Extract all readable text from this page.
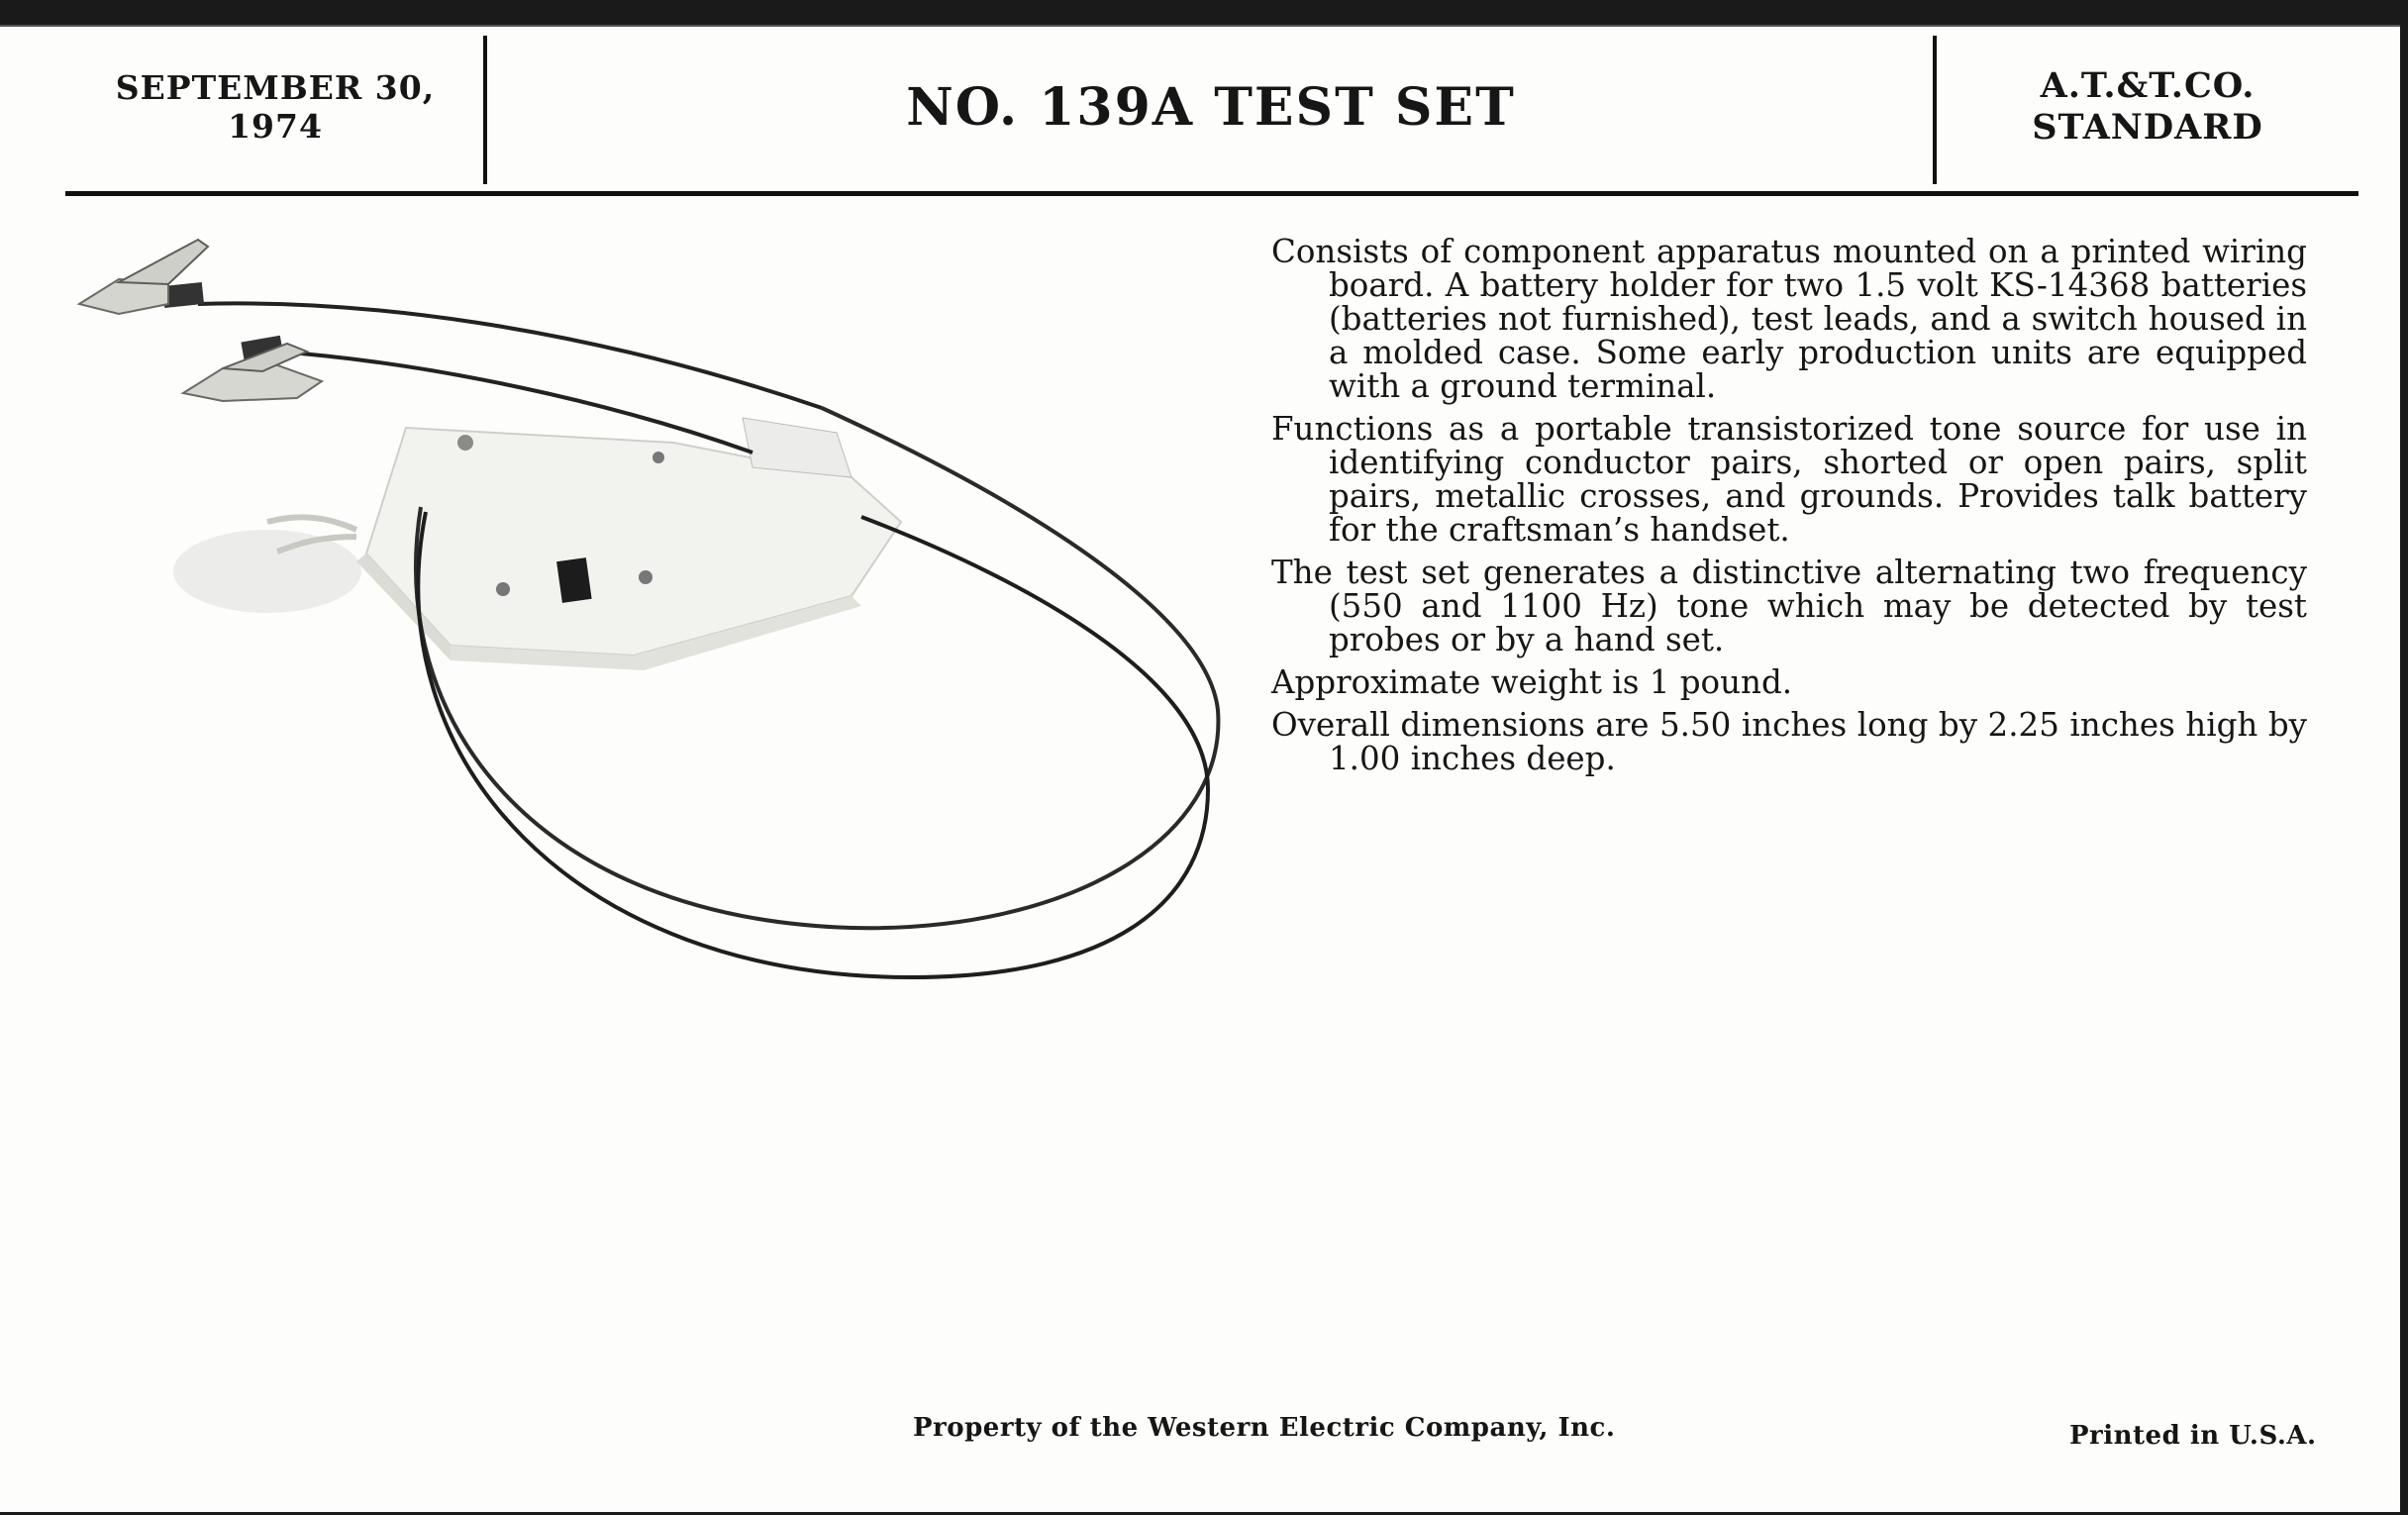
SEPTEMBER 30, 1974	NO. 139A TEST SET	A.T.&T.CO.
STANDARD

Consists of component apparatus mounted on a printed wiring board. A battery holder for two 1.5 volt KS-14368 batteries (batteries not furnished), test leads, and a switch housed in a molded case. Some early production units are equipped with a ground terminal.

Functions as a portable transistorized tone source for use in identifying conductor pairs, shorted or open pairs, split pairs, metallic crosses, and grounds. Provides talk battery for the craftsman’s handset.

The test set generates a distinctive alternating two frequency (550 and 1100 Hz) tone which may be detected by test probes or by a hand set.

Approximate weight is 1 pound.

Overall dimensions are 5.50 inches long by 2.25 inches high by 1.00 inches deep.

Property of the Western Electric Company, Inc.	Printed in U.S.A.
